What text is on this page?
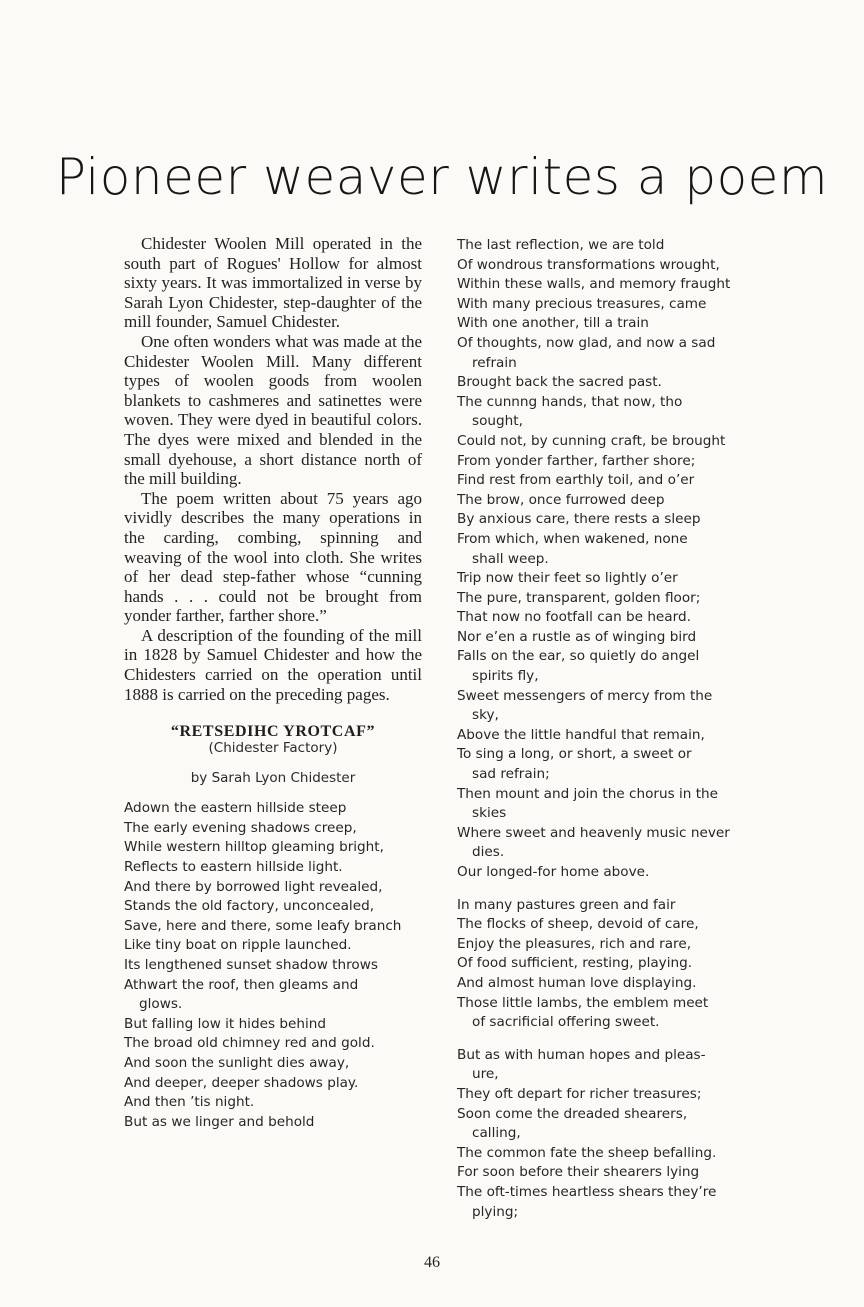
Pioneer weaver writes a poem

Chidester Woolen Mill operated in the south part of Rogues' Hollow for almost sixty years. It was immortalized in verse by Sarah Lyon Chidester, step-daughter of the mill founder, Samuel Chidester.

One often wonders what was made at the Chidester Woolen Mill. Many different types of woolen goods from woolen blankets to cashmeres and satinettes were woven. They were dyed in beautiful colors. The dyes were mixed and blended in the small dyehouse, a short distance north of the mill building.

The poem written about 75 years ago vividly describes the many operations in the carding, combing, spinning and weaving of the wool into cloth. She writes of her dead step-father whose “cunning hands . . . could not be brought from yonder farther, farther shore.”

A description of the founding of the mill in 1828 by Samuel Chidester and how the Chidesters carried on the operation until 1888 is carried on the preceding pages.

“RETSEDIHC YROTCAF”
(Chidester Factory)
by Sarah Lyon Chidester
Adown the eastern hillside steep
The early evening shadows creep,
While western hilltop gleaming bright,
Reflects to eastern hillside light.
And there by borrowed light revealed,
Stands the old factory, unconcealed,
Save, here and there, some leafy branch
Like tiny boat on ripple launched.
Its lengthened sunset shadow throws
Athwart the roof, then gleams and
glows.
But falling low it hides behind
The broad old chimney red and gold.
And soon the sunlight dies away,
And deeper, deeper shadows play.
And then ’tis night.
But as we linger and behold
The last reflection, we are told
Of wondrous transformations wrought,
Within these walls, and memory fraught
With many precious treasures, came
With one another, till a train
Of thoughts, now glad, and now a sad
refrain
Brought back the sacred past.
The cunnng hands, that now, tho
sought,
Could not, by cunning craft, be brought
From yonder farther, farther shore;
Find rest from earthly toil, and o’er
The brow, once furrowed deep
By anxious care, there rests a sleep
From which, when wakened, none
shall weep.
Trip now their feet so lightly o’er
The pure, transparent, golden floor;
That now no footfall can be heard.
Nor e’en a rustle as of winging bird
Falls on the ear, so quietly do angel
spirits fly,
Sweet messengers of mercy from the
sky,
Above the little handful that remain,
To sing a long, or short, a sweet or
sad refrain;
Then mount and join the chorus in the
skies
Where sweet and heavenly music never
dies.
Our longed-for home above.
In many pastures green and fair
The flocks of sheep, devoid of care,
Enjoy the pleasures, rich and rare,
Of food sufficient, resting, playing.
And almost human love displaying.
Those little lambs, the emblem meet
of sacrificial offering sweet.
But as with human hopes and pleas-
ure,
They oft depart for richer treasures;
Soon come the dreaded shearers,
calling,
The common fate the sheep befalling.
For soon before their shearers lying
The oft-times heartless shears they’re
plying;
46
